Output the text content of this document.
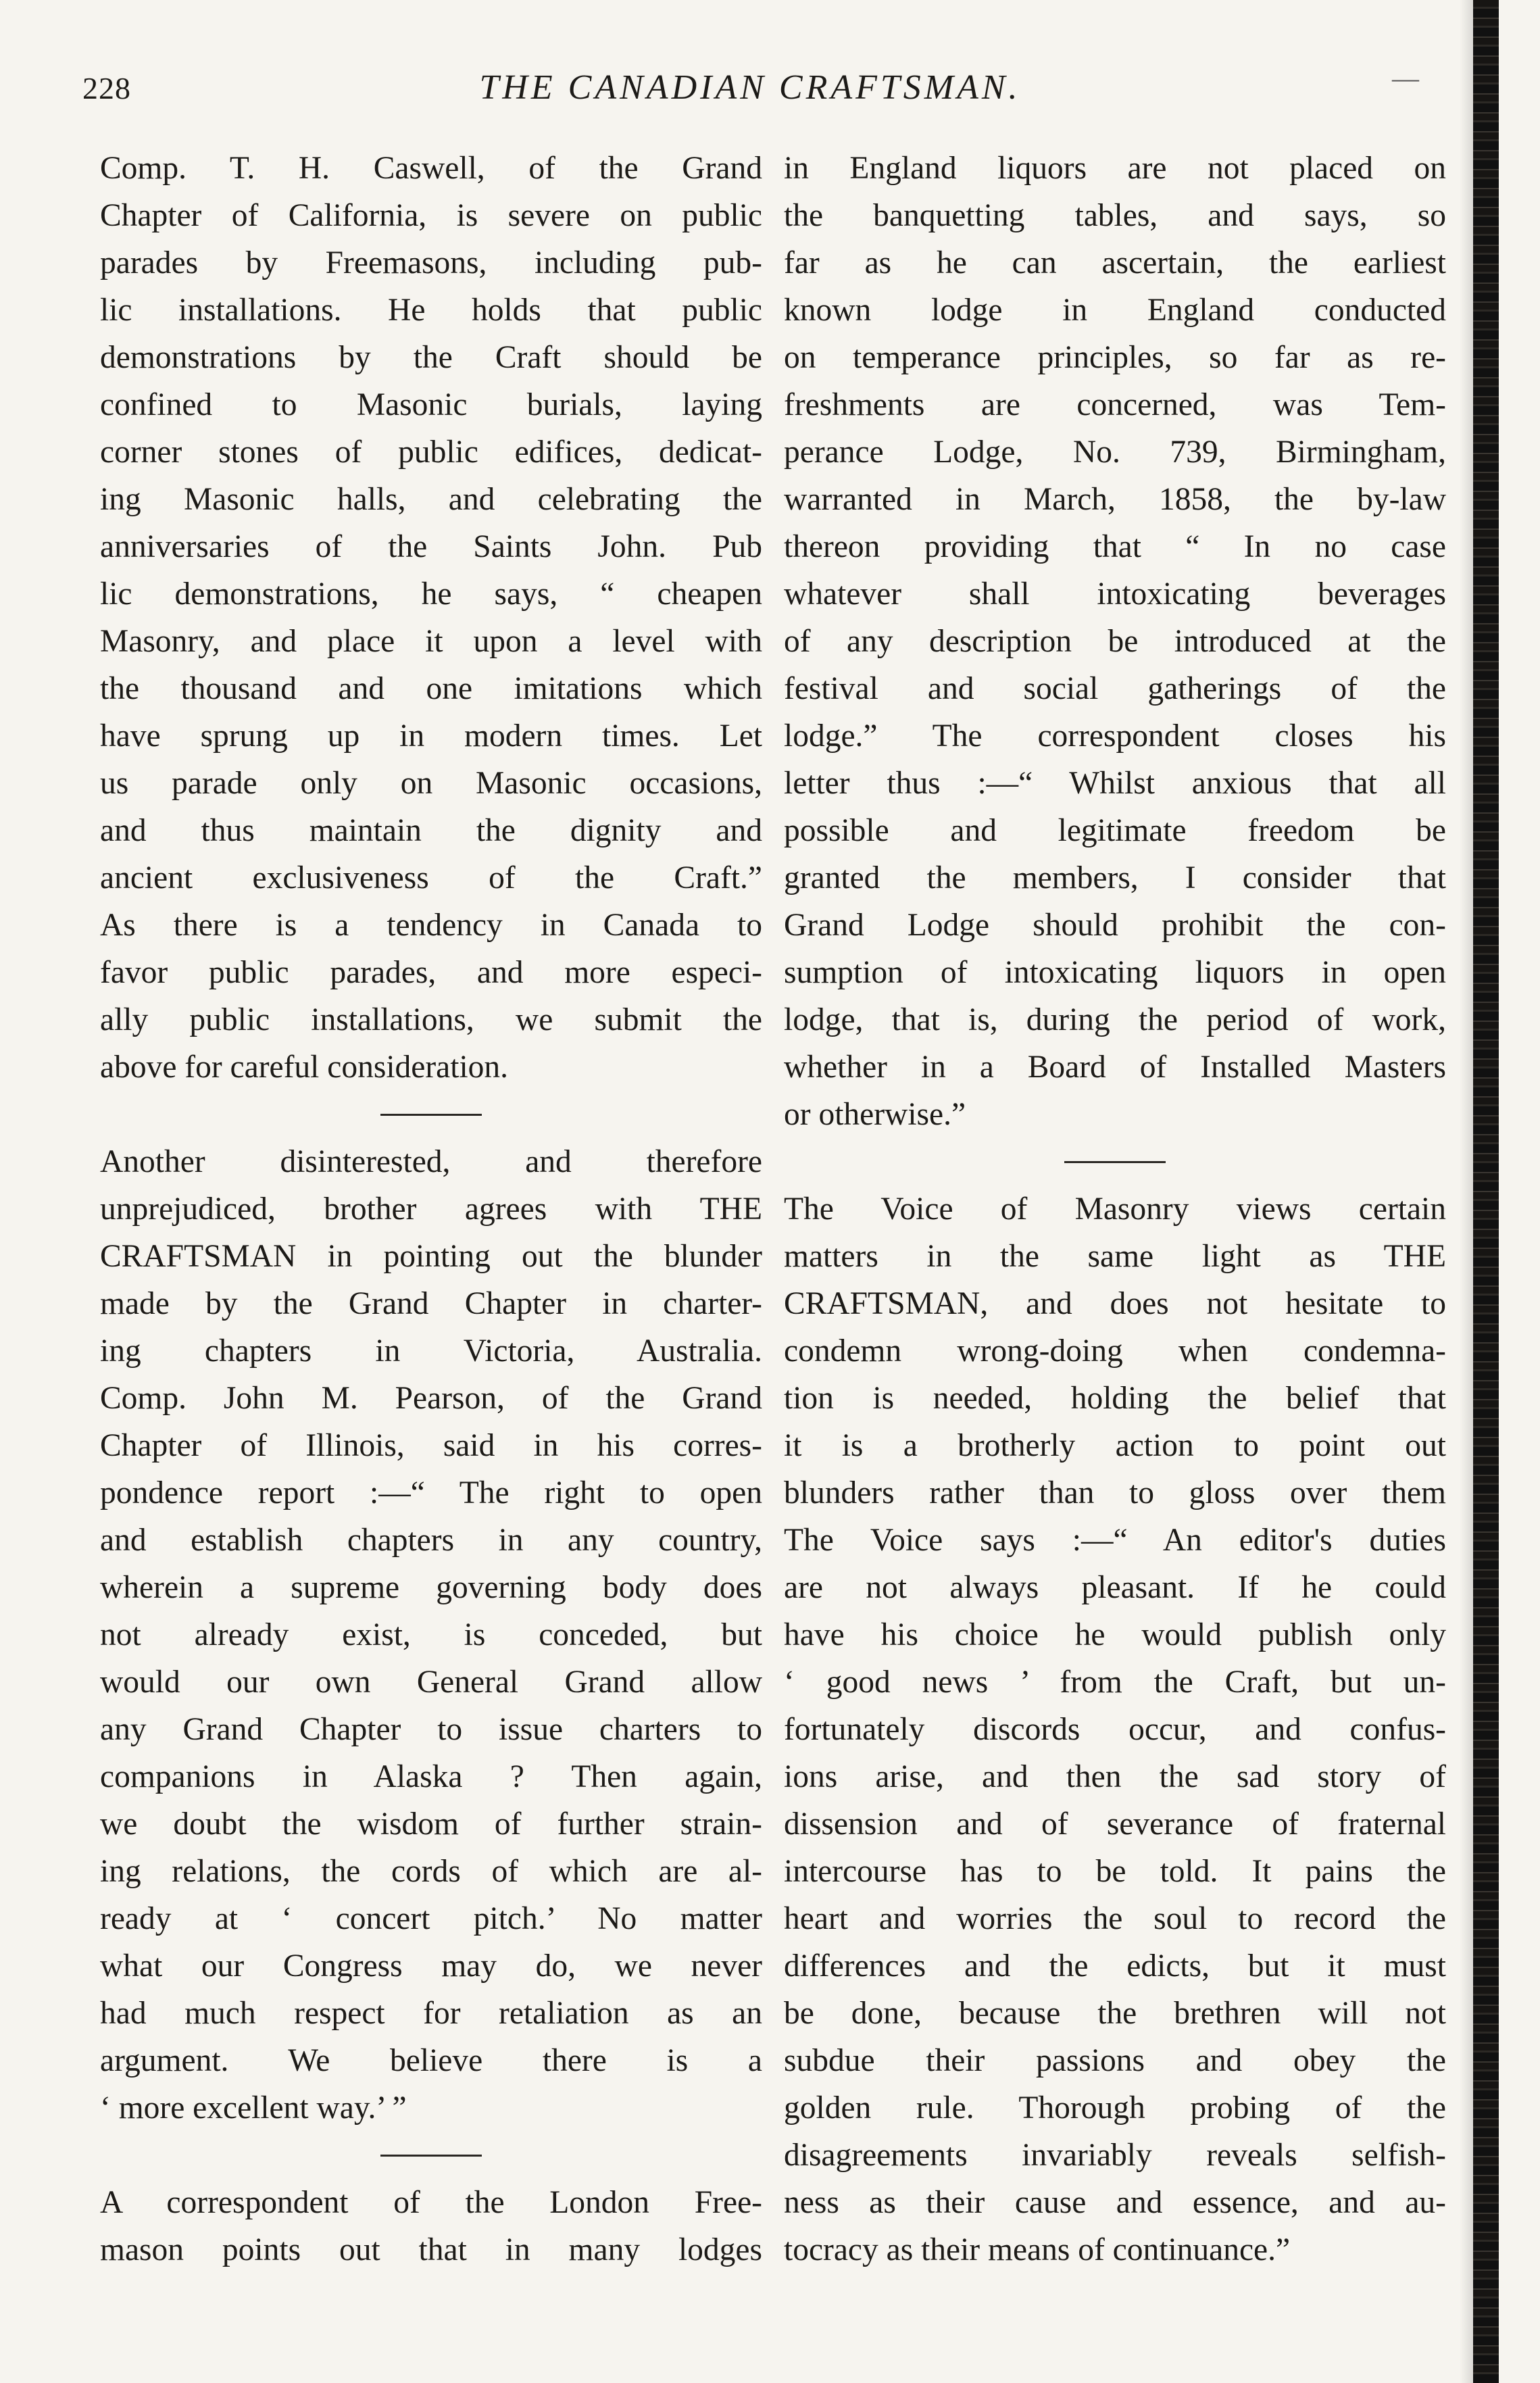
228	THE CANADIAN CRAFTSMAN.	—
Comp. T. H. Caswell, of the Grand
Chapter of California, is severe on public
parades by Freemasons, including pub-
lic installations. He holds that public
demonstrations by the Craft should be
confined to Masonic burials, laying
corner stones of public edifices, dedicat-
ing Masonic halls, and celebrating the
anniversaries of the Saints John. Pub
lic demonstrations, he says, “ cheapen
Masonry, and place it upon a level with
the thousand and one imitations which
have sprung up in modern times. Let
us parade only on Masonic occasions,
and thus maintain the dignity and
ancient exclusiveness of the Craft.”
As there is a tendency in Canada to
favor public parades, and more especi-
ally public installations, we submit the
above for careful consideration.
Another disinterested, and therefore
unprejudiced, brother agrees with THE
CRAFTSMAN in pointing out the blunder
made by the Grand Chapter in charter-
ing chapters in Victoria, Australia.
Comp. John M. Pearson, of the Grand
Chapter of Illinois, said in his corres-
pondence report :—“ The right to open
and establish chapters in any country,
wherein a supreme governing body does
not already exist, is conceded, but
would our own General Grand allow
any Grand Chapter to issue charters to
companions in Alaska ? Then again,
we doubt the wisdom of further strain-
ing relations, the cords of which are al-
ready at ‘ concert pitch.’ No matter
what our Congress may do, we never
had much respect for retaliation as an
argument. We believe there is a
‘ more excellent way.’ ”
A correspondent of the London Free-
mason points out that in many lodges
in England liquors are not placed on
the banquetting tables, and says, so
far as he can ascertain, the earliest
known lodge in England conducted
on temperance principles, so far as re-
freshments are concerned, was Tem-
perance Lodge, No. 739, Birmingham,
warranted in March, 1858, the by-law
thereon providing that “ In no case
whatever shall intoxicating beverages
of any description be introduced at the
festival and social gatherings of the
lodge.” The correspondent closes his
letter thus :—“ Whilst anxious that all
possible and legitimate freedom be
granted the members, I consider that
Grand Lodge should prohibit the con-
sumption of intoxicating liquors in open
lodge, that is, during the period of work,
whether in a Board of Installed Masters
or otherwise.”
The Voice of Masonry views certain
matters in the same light as THE
CRAFTSMAN, and does not hesitate to
condemn wrong-doing when condemna-
tion is needed, holding the belief that
it is a brotherly action to point out
blunders rather than to gloss over them
The Voice says :—“ An editor's duties
are not always pleasant. If he could
have his choice he would publish only
‘ good news ’ from the Craft, but un-
fortunately discords occur, and confus-
ions arise, and then the sad story of
dissension and of severance of fraternal
intercourse has to be told. It pains the
heart and worries the soul to record the
differences and the edicts, but it must
be done, because the brethren will not
subdue their passions and obey the
golden rule. Thorough probing of the
disagreements invariably reveals selfish-
ness as their cause and essence, and au-
tocracy as their means of continuance.”
